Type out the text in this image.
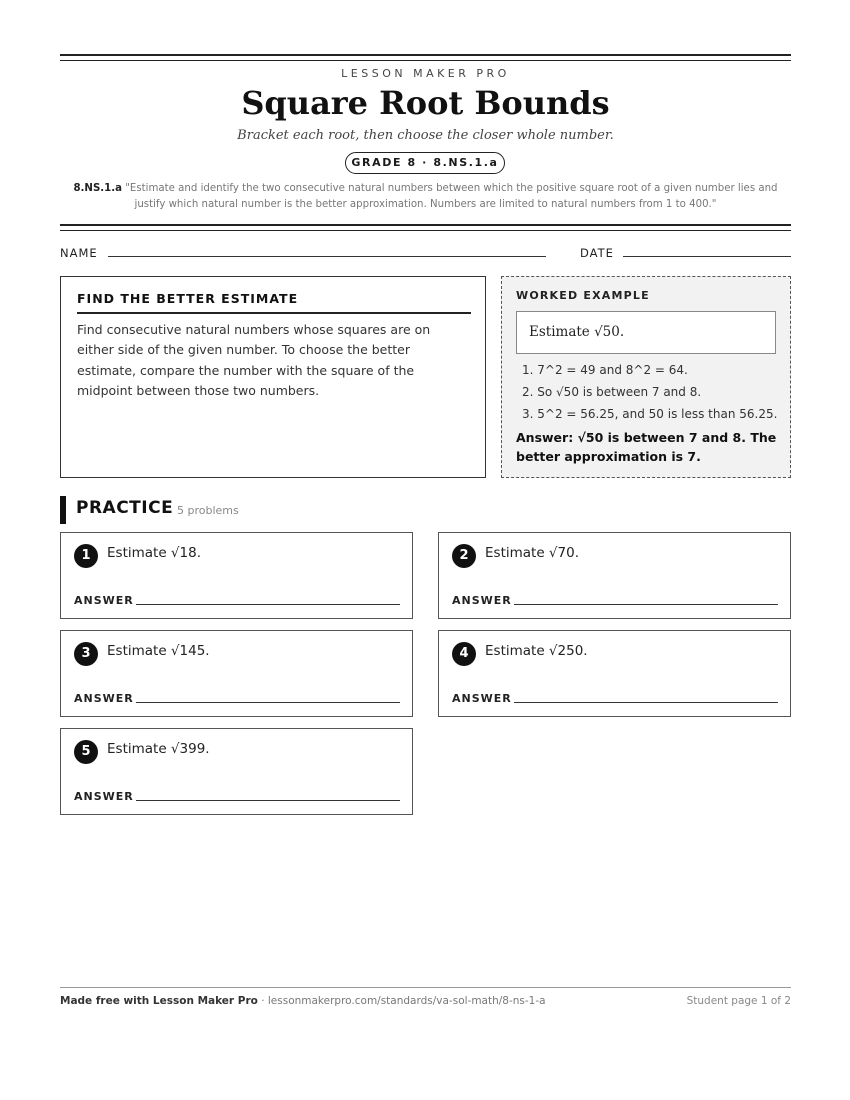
LESSON MAKER PRO
Square Root Bounds
Bracket each root, then choose the closer whole number.
GRADE 8 · 8.NS.1.a
8.NS.1.a "Estimate and identify the two consecutive natural numbers between which the positive square root of a given number lies and justify which natural number is the better approximation. Numbers are limited to natural numbers from 1 to 400."
NAME	DATE
FIND THE BETTER ESTIMATE
Find consecutive natural numbers whose squares are on either side of the given number. To choose the better estimate, compare the number with the square of the midpoint between those two numbers.
WORKED EXAMPLE
Estimate √50.
1. 7^2 = 49 and 8^2 = 64.
2. So √50 is between 7 and 8.
3. 5^2 = 56.25, and 50 is less than 56.25.
Answer: √50 is between 7 and 8. The better approximation is 7.
PRACTICE 5 problems
1	Estimate √18.
ANSWER
2	Estimate √70.
ANSWER
3	Estimate √145.
ANSWER
4	Estimate √250.
ANSWER
5	Estimate √399.
ANSWER
Made free with Lesson Maker Pro · lessonmakerpro.com/standards/va-sol-math/8-ns-1-a	Student page 1 of 2
